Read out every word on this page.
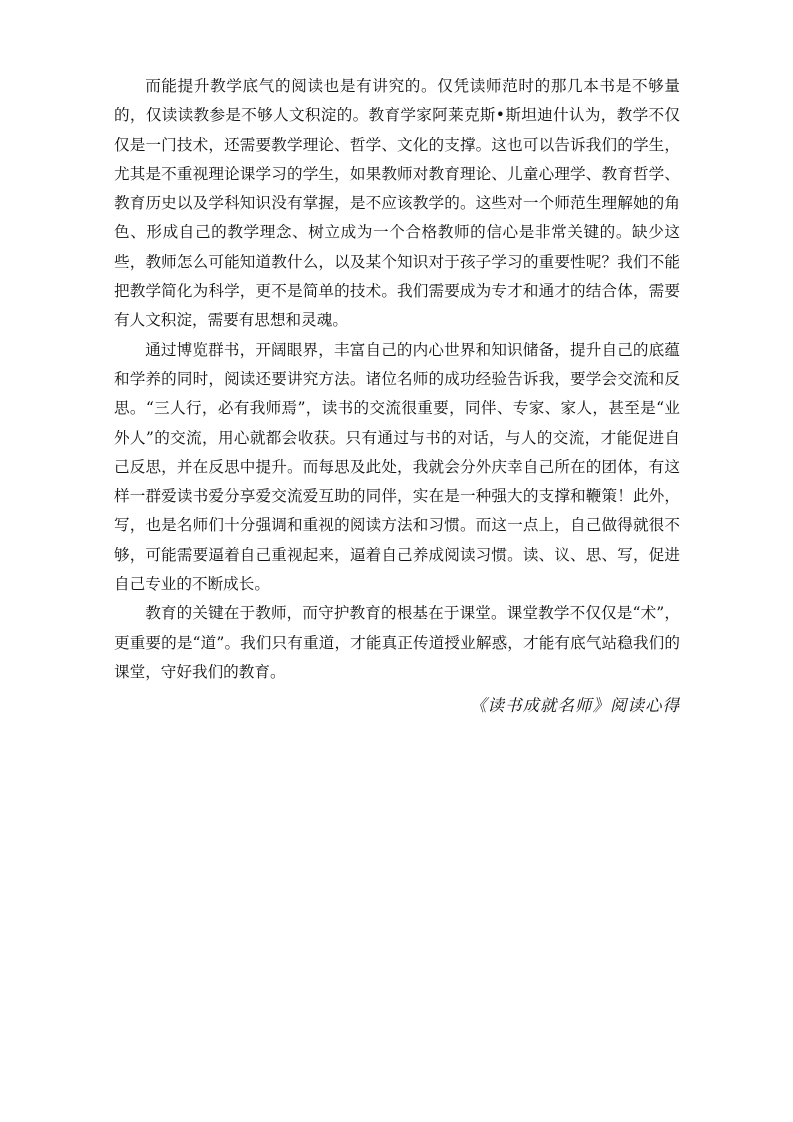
而能提升教学底气的阅读也是有讲究的。仅凭读师范时的那几本书是不够量的，仅读读教参是不够人文积淀的。教育学家阿莱克斯•斯坦迪什认为，教学不仅仅是一门技术，还需要教学理论、哲学、文化的支撑。这也可以告诉我们的学生，尤其是不重视理论课学习的学生，如果教师对教育理论、儿童心理学、教育哲学、教育历史以及学科知识没有掌握，是不应该教学的。这些对一个师范生理解她的角色、形成自己的教学理念、树立成为一个合格教师的信心是非常关键的。缺少这些，教师怎么可能知道教什么，以及某个知识对于孩子学习的重要性呢？我们不能把教学简化为科学，更不是简单的技术。我们需要成为专才和通才的结合体，需要有人文积淀，需要有思想和灵魂。

通过博览群书，开阔眼界，丰富自己的内心世界和知识储备，提升自己的底蕴和学养的同时，阅读还要讲究方法。诸位名师的成功经验告诉我，要学会交流和反思。“三人行，必有我师焉”，读书的交流很重要，同伴、专家、家人，甚至是“业外人”的交流，用心就都会收获。只有通过与书的对话，与人的交流，才能促进自己反思，并在反思中提升。而每思及此处，我就会分外庆幸自己所在的团体，有这样一群爱读书爱分享爱交流爱互助的同伴，实在是一种强大的支撑和鞭策！此外，写，也是名师们十分强调和重视的阅读方法和习惯。而这一点上，自己做得就很不够，可能需要逼着自己重视起来，逼着自己养成阅读习惯。读、议、思、写，促进自己专业的不断成长。

教育的关键在于教师，而守护教育的根基在于课堂。课堂教学不仅仅是“术”，更重要的是“道”。我们只有重道，才能真正传道授业解惑，才能有底气站稳我们的课堂，守好我们的教育。

《读书成就名师》阅读心得
